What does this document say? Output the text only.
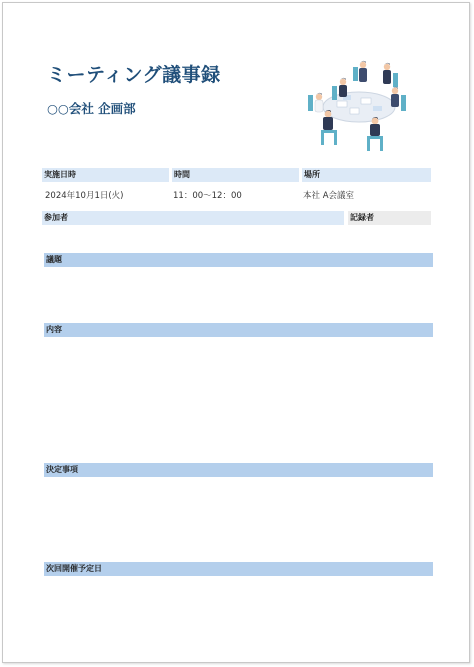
ミーティング議事録
○○会社 企画部
実施日時	時間	場所
2024年10月1日(火)	11：00～12：00	本社 A会議室
参加者	記録者
議題
内容
決定事項
次回開催予定日
